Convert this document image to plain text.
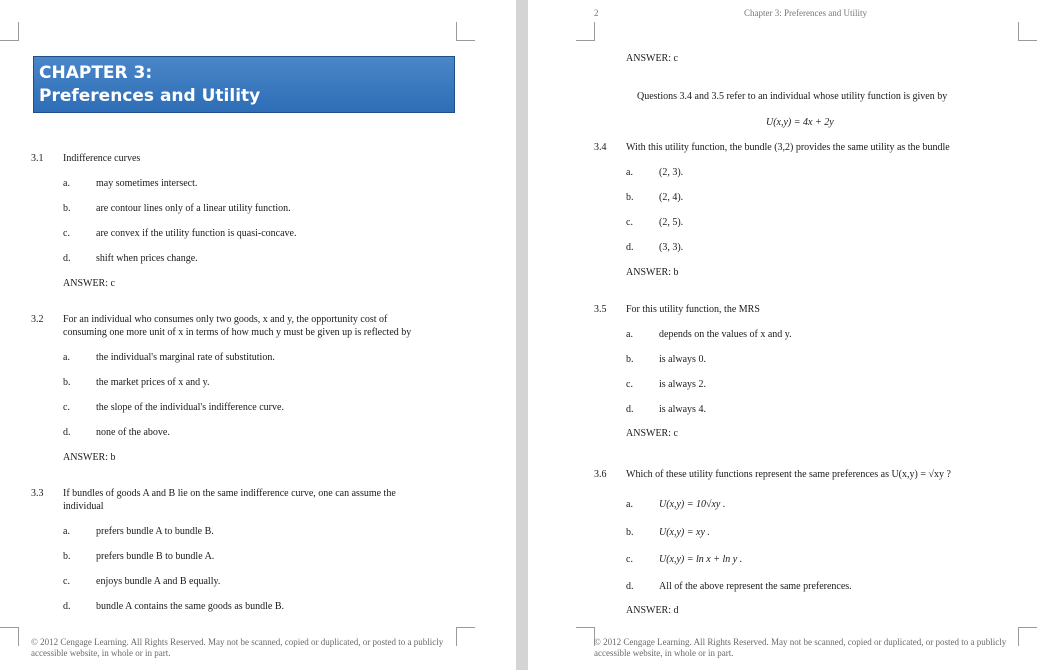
CHAPTER 3:
Preferences and Utility
3.1 Indifference curves
a.	may sometimes intersect.
b.	are contour lines only of a linear utility function.
c.	are convex if the utility function is quasi-concave.
d.	shift when prices change.
ANSWER: c
3.2 For an individual who consumes only two goods, x and y, the opportunity cost of
consuming one more unit of x in terms of how much y must be given up is reflected by
a.	the individual's marginal rate of substitution.
b.	the market prices of x and y.
c.	the slope of the individual's indifference curve.
d.	none of the above.
ANSWER: b
3.3 If bundles of goods A and B lie on the same indifference curve, one can assume the
individual
a.	prefers bundle A to bundle B.
b.	prefers bundle B to bundle A.
c.	enjoys bundle A and B equally.
d.	bundle A contains the same goods as bundle B.
© 2012 Cengage Learning. All Rights Reserved. May not be scanned, copied or duplicated, or posted to a publicly
accessible website, in whole or in part.
2	Chapter 3: Preferences and Utility
ANSWER: c
Questions 3.4 and 3.5 refer to an individual whose utility function is given by
U(x,y) = 4x + 2y
3.4 With this utility function, the bundle (3,2) provides the same utility as the bundle
a.	(2, 3).
b.	(2, 4).
c.	(2, 5).
d.	(3, 3).
ANSWER: b
3.5 For this utility function, the MRS
a.	depends on the values of x and y.
b.	is always 0.
c.	is always 2.
d.	is always 4.
ANSWER: c
3.6 Which of these utility functions represent the same preferences as U(x,y) = √xy ?
a.	U(x,y) = 10√xy .
b.	U(x,y) = xy .
c.	U(x,y) = ln x + ln y .
d.	All of the above represent the same preferences.
ANSWER: d
© 2012 Cengage Learning. All Rights Reserved. May not be scanned, copied or duplicated, or posted to a publicly
accessible website, in whole or in part.
